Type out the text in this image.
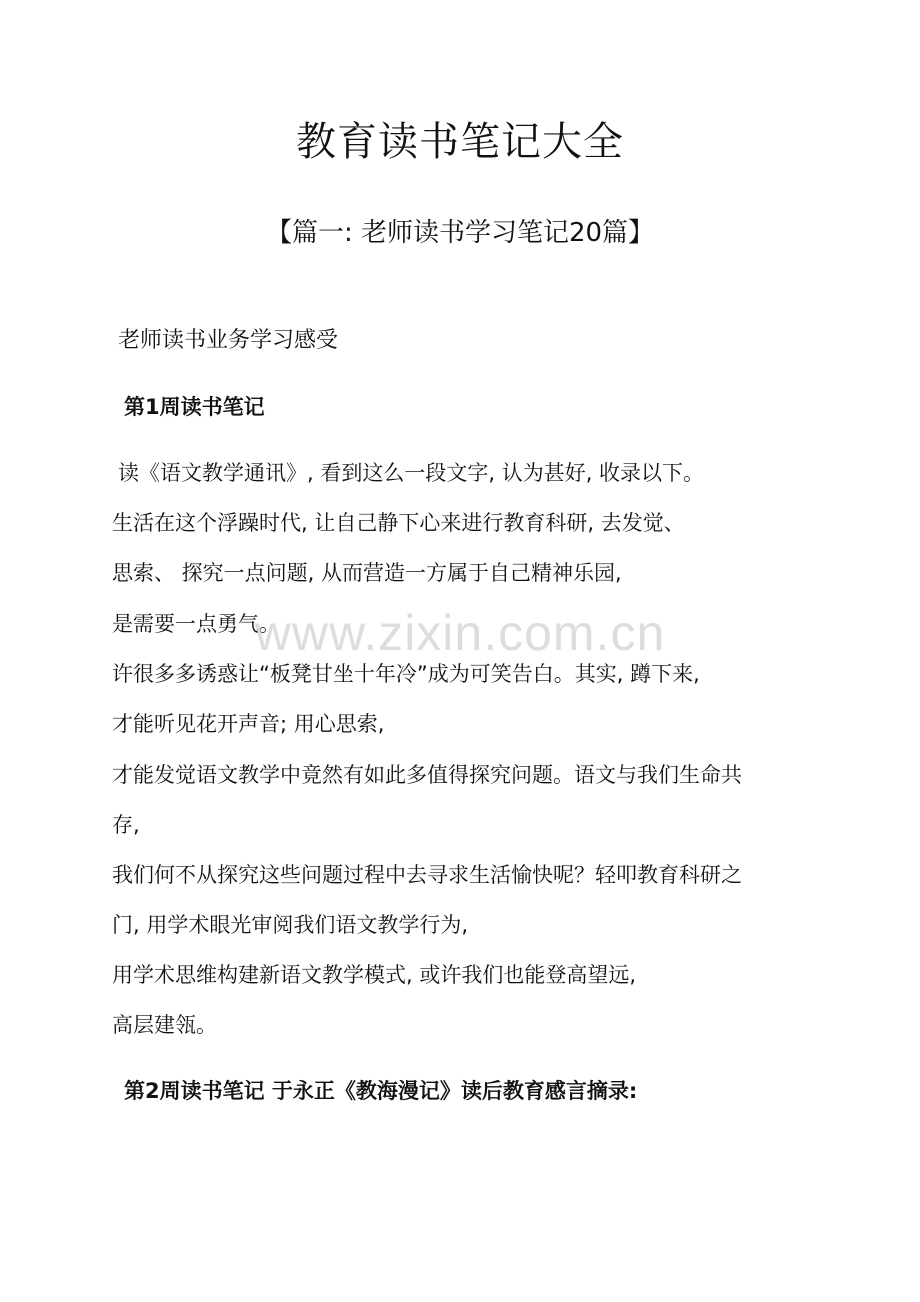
教育读书笔记大全
【篇一: 老师读书学习笔记20篇】
老师读书业务学习感受
第1周读书笔记
读《语文教学通讯》, 看到这么一段文字, 认为甚好, 收录以下。
生活在这个浮躁时代, 让自己静下心来进行教育科研, 去发觉、
思索、 探究一点问题, 从而营造一方属于自己精神乐园,
是需要一点勇气。
许很多多诱惑让“板凳甘坐十年冷”成为可笑告白。其实, 蹲下来,
才能听见花开声音; 用心思索,
才能发觉语文教学中竟然有如此多值得探究问题。语文与我们生命共
存,
我们何不从探究这些问题过程中去寻求生活愉快呢？轻叩教育科研之
门, 用学术眼光审阅我们语文教学行为,
用学术思维构建新语文教学模式, 或许我们也能登高望远,
高层建瓴。
第2周读书笔记 于永正《教海漫记》读后教育感言摘录:
www.zixin.com.cn
